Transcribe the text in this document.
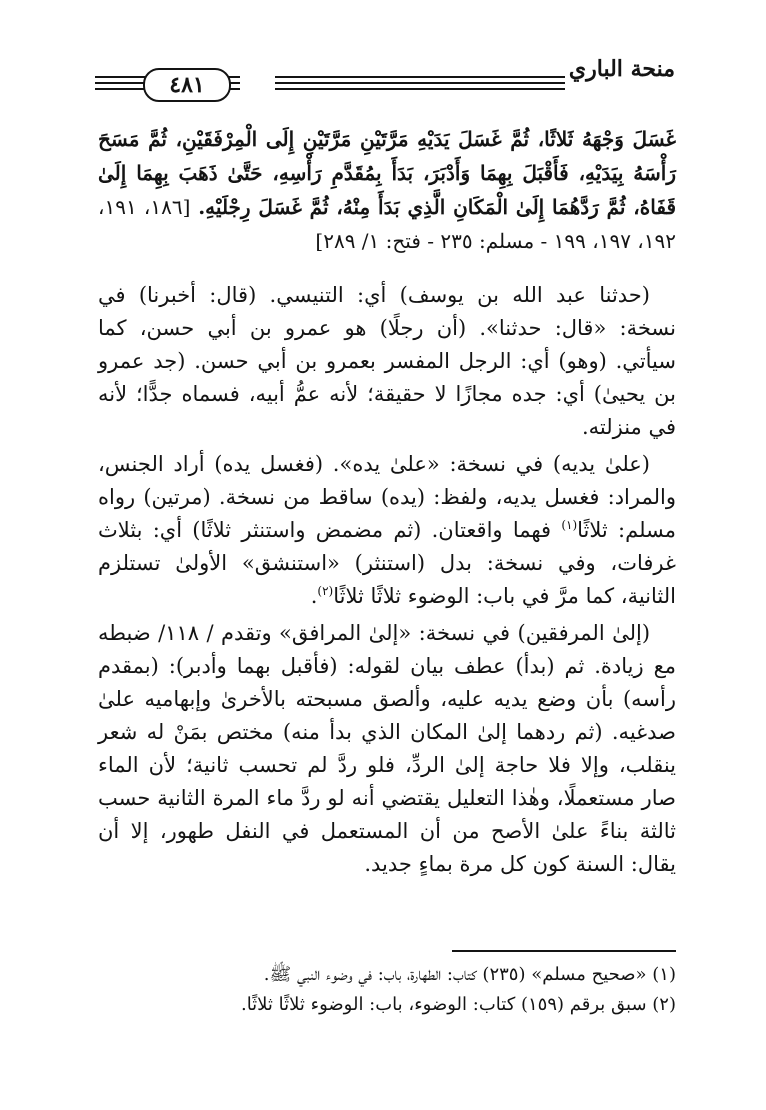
٤٨١
منحة الباري
غَسَلَ وَجْهَهُ ثَلاثًا، ثُمَّ غَسَلَ يَدَيْهِ مَرَّتَيْنِ مَرَّتَيْنِ إِلَى الْمِرْفَقَيْنِ، ثُمَّ مَسَحَ رَأْسَهُ بِيَدَيْهِ، فَأَقْبَلَ بِهِمَا وَأَدْبَرَ، بَدَأَ بِمُقَدَّمِ رَأْسِهِ، حَتَّىٰ ذَهَبَ بِهِمَا إِلَىٰ قَفَاهُ، ثُمَّ رَدَّهُمَا إِلَىٰ الْمَكَانِ الَّذِي بَدَأَ مِنْهُ، ثُمَّ غَسَلَ رِجْلَيْهِ. [١٨٦، ١٩١، ١٩٢، ١٩٧، ١٩٩ - مسلم: ٢٣٥ - فتح: ١/ ٢٨٩]

(حدثنا عبد الله بن يوسف) أي: التنيسي. (قال: أخبرنا) في نسخة: «قال: حدثنا». (أن رجلًا) هو عمرو بن أبي حسن، كما سيأتي. (وهو) أي: الرجل المفسر بعمرو بن أبي حسن. (جد عمرو بن يحيىٰ) أي: جده مجازًا لا حقيقة؛ لأنه عمُّ أبيه، فسماه جدًّا؛ لأنه في منزلته.

(علىٰ يديه) في نسخة: «علىٰ يده». (فغسل يده) أراد الجنس، والمراد: فغسل يديه، ولفظ: (يده) ساقط من نسخة. (مرتين) رواه مسلم: ثلاثًا$^{(١)}$ فهما واقعتان. (ثم مضمض واستنثر ثلاثًا) أي: بثلاث غرفات، وفي نسخة: بدل (استنثر) «استنشق» الأولىٰ تستلزم الثانية، كما مرَّ في باب: الوضوء ثلاثًا ثلاثًا$^{(٢)}$.

(إلىٰ المرفقين) في نسخة: «إلىٰ المرافق» وتقدم / ١١٨/ ضبطه مع زيادة. ثم (بدأ) عطف بيان لقوله: (فأقبل بهما وأدبر): (بمقدم رأسه) بأن وضع يديه عليه، وألصق مسبحته بالأخرىٰ وإبهاميه علىٰ صدغيه. (ثم ردهما إلىٰ المكان الذي بدأ منه) مختص بمَنْ له شعر ينقلب، وإلا فلا حاجة إلىٰ الردِّ، فلو ردَّ لم تحسب ثانية؛ لأن الماء صار مستعملًا، وهٰذا التعليل يقتضي أنه لو ردَّ ماء المرة الثانية حسب ثالثة بناءً علىٰ الأصح من أن المستعمل في النفل طهور، إلا أن يقال: السنة كون كل مرة بماءٍ جديد.

(١) «صحيح مسلم» (٢٣٥) كتاب: الطهارة، باب: في وضوء النبي ﷺ.
(٢) سبق برقم (١٥٩) كتاب: الوضوء، باب: الوضوء ثلاثًا ثلاثًا.
